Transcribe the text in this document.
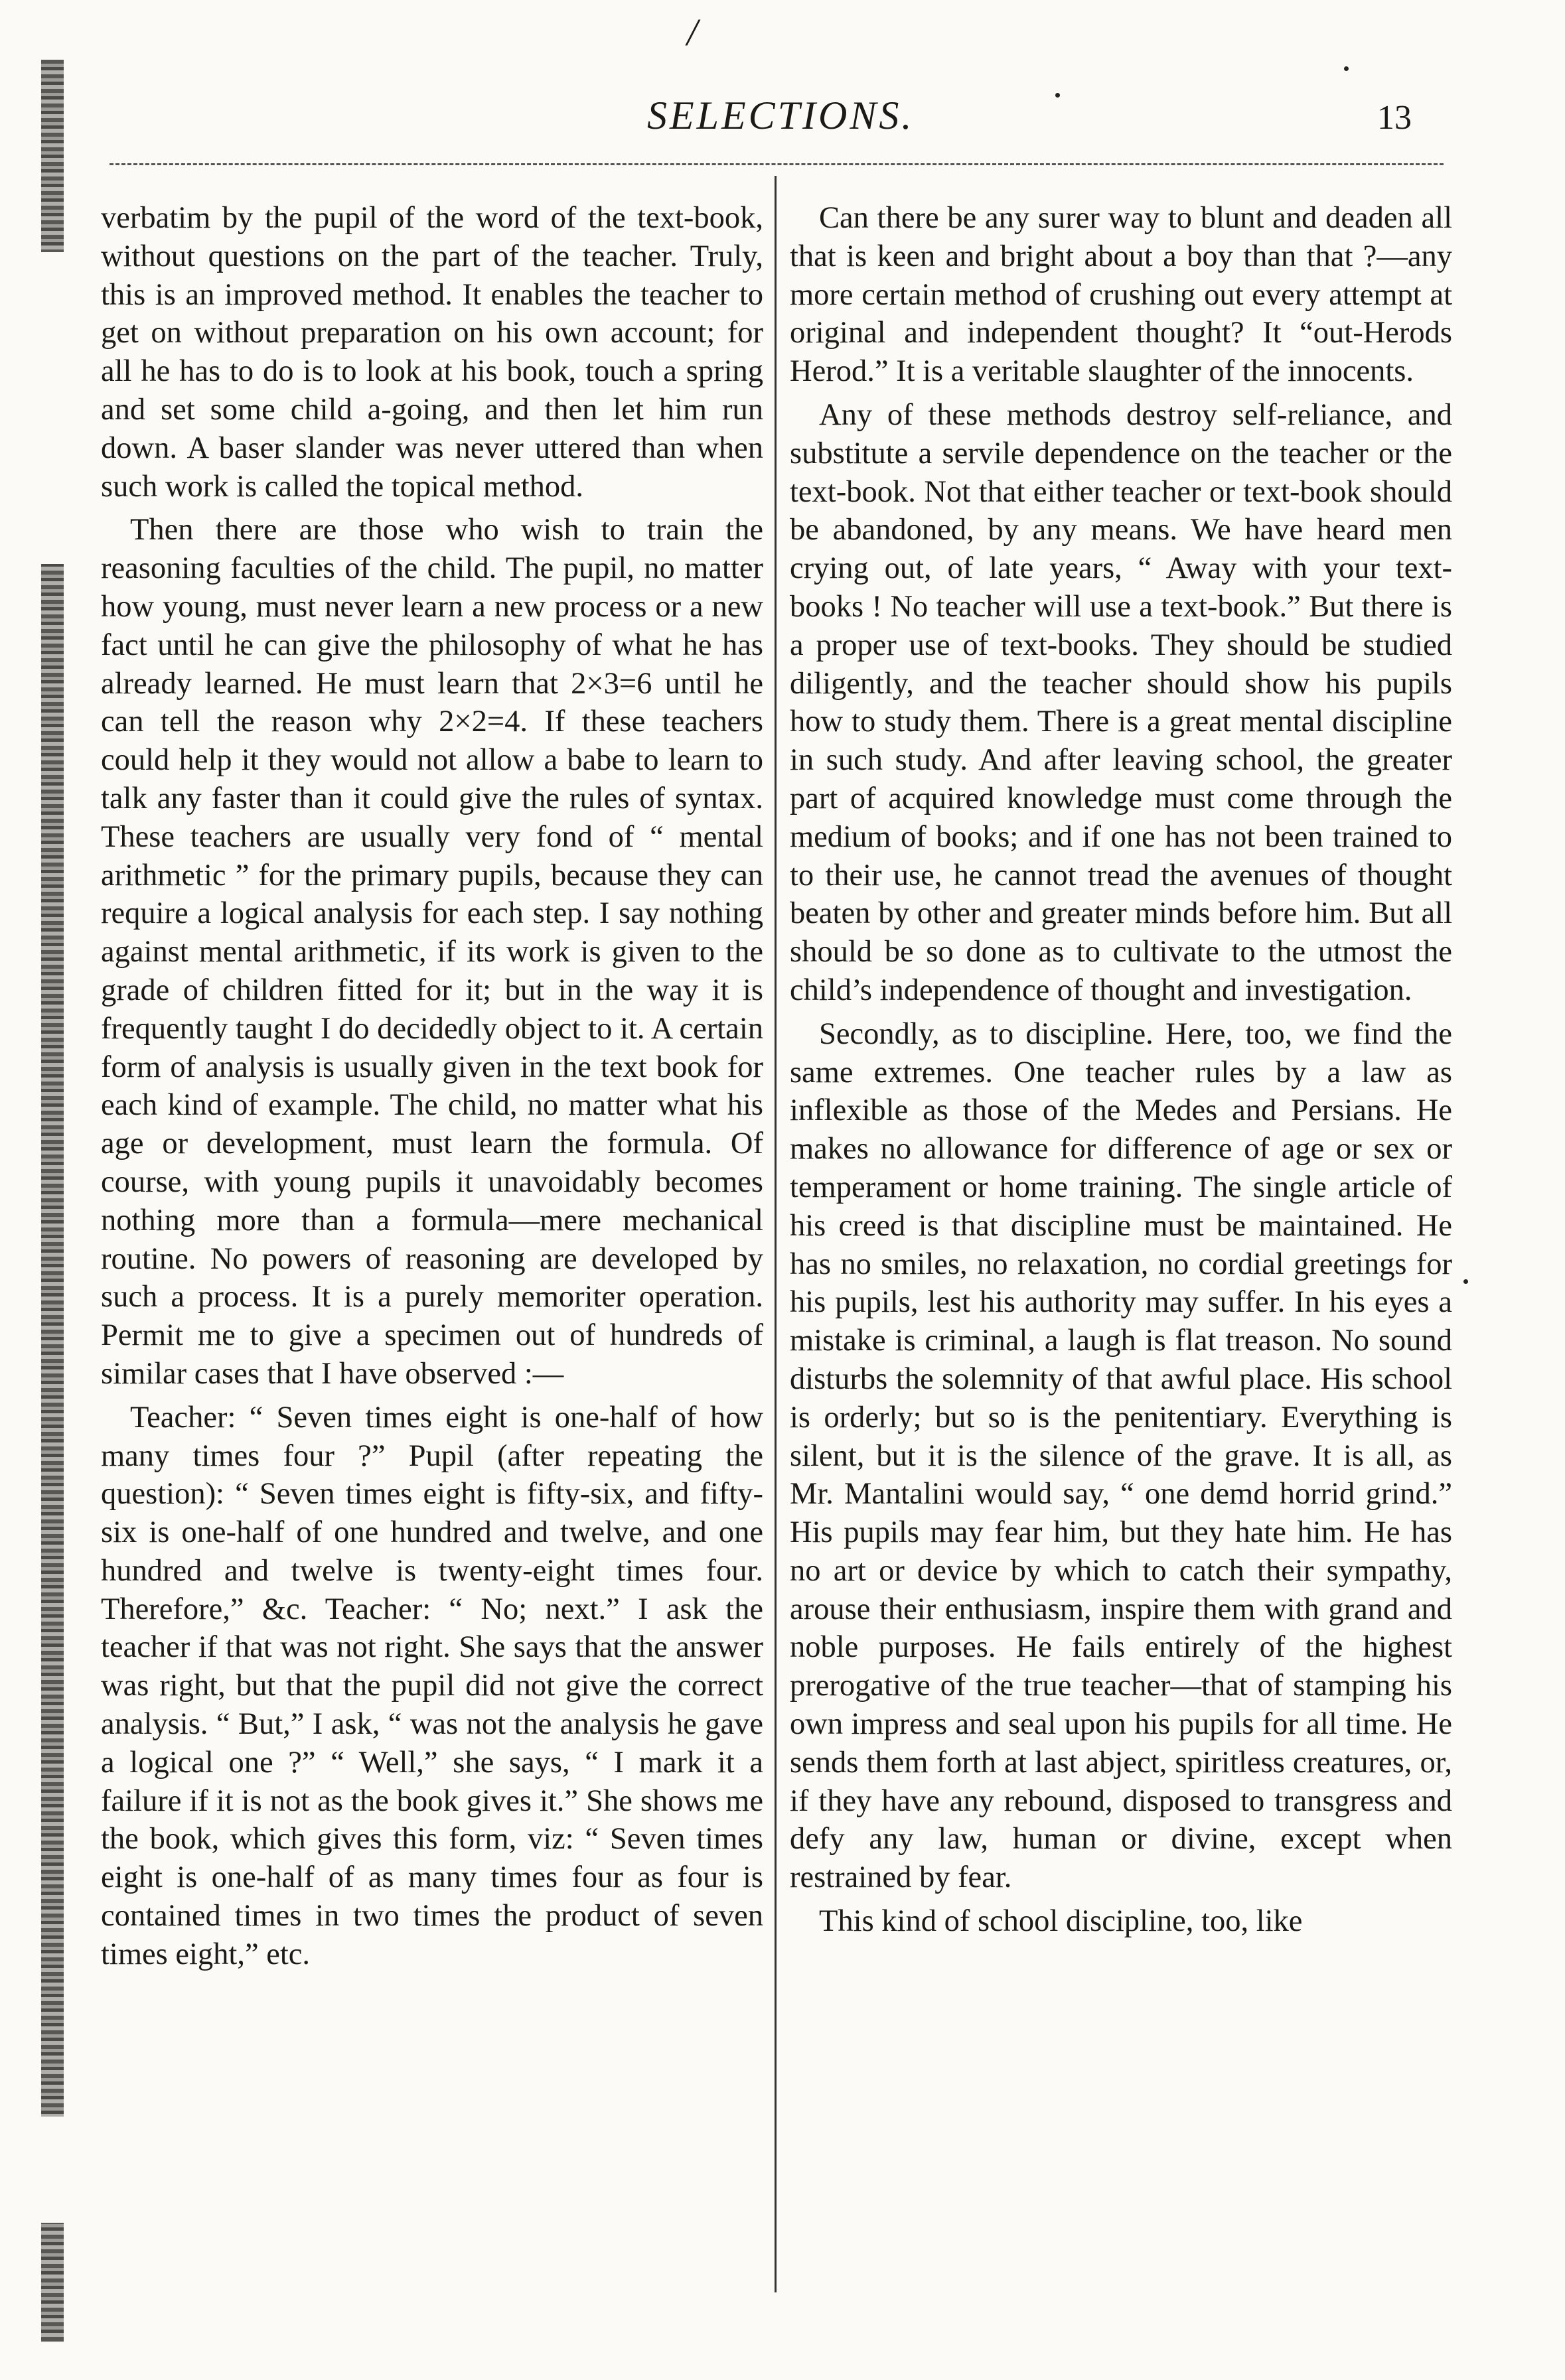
/
SELECTIONS.	13

verbatim by the pupil of the word of the text-book, without questions on the part of the teacher. Truly, this is an improved method. It enables the teacher to get on without preparation on his own account; for all he has to do is to look at his book, touch a spring and set some child a-going, and then let him run down. A baser slander was never uttered than when such work is called the topical method.

Then there are those who wish to train the reasoning faculties of the child. The pupil, no matter how young, must never learn a new process or a new fact until he can give the philosophy of what he has already learned. He must learn that 2×3=6 until he can tell the reason why 2×2=4. If these teachers could help it they would not allow a babe to learn to talk any faster than it could give the rules of syntax. These teachers are usually very fond of “ mental arithmetic ” for the primary pupils, because they can require a logical analysis for each step. I say nothing against mental arithmetic, if its work is given to the grade of children fitted for it; but in the way it is frequently taught I do decidedly object to it. A certain form of analysis is usually given in the text book for each kind of example. The child, no matter what his age or development, must learn the formula. Of course, with young pupils it unavoidably becomes nothing more than a formula—mere mechanical routine. No powers of reasoning are developed by such a process. It is a purely memoriter operation. Permit me to give a specimen out of hundreds of similar cases that I have observed :—

Teacher: “ Seven times eight is one-half of how many times four ?” Pupil (after repeating the question): “ Seven times eight is fifty-six, and fifty-six is one-half of one hundred and twelve, and one hundred and twelve is twenty-eight times four. Therefore,” &c. Teacher: “ No; next.” I ask the teacher if that was not right. She says that the answer was right, but that the pupil did not give the correct analysis. “ But,” I ask, “ was not the analysis he gave a logical one ?” “ Well,” she says, “ I mark it a failure if it is not as the book gives it.” She shows me the book, which gives this form, viz: “ Seven times eight is one-half of as many times four as four is contained times in two times the product of seven times eight,” etc.

Can there be any surer way to blunt and deaden all that is keen and bright about a boy than that ?—any more certain method of crushing out every attempt at original and independent thought? It “out-Herods Herod.” It is a veritable slaughter of the innocents.

Any of these methods destroy self-reliance, and substitute a servile dependence on the teacher or the text-book. Not that either teacher or text-book should be abandoned, by any means. We have heard men crying out, of late years, “ Away with your text-books ! No teacher will use a text-book.” But there is a proper use of text-books. They should be studied diligently, and the teacher should show his pupils how to study them. There is a great mental discipline in such study. And after leaving school, the greater part of acquired knowledge must come through the medium of books; and if one has not been trained to to their use, he cannot tread the avenues of thought beaten by other and greater minds before him. But all should be so done as to cultivate to the utmost the child’s independence of thought and investigation.

Secondly, as to discipline. Here, too, we find the same extremes. One teacher rules by a law as inflexible as those of the Medes and Persians. He makes no allowance for difference of age or sex or temperament or home training. The single article of his creed is that discipline must be maintained. He has no smiles, no relaxation, no cordial greetings for his pupils, lest his authority may suffer. In his eyes a mistake is criminal, a laugh is flat treason. No sound disturbs the solemnity of that awful place. His school is orderly; but so is the penitentiary. Everything is silent, but it is the silence of the grave. It is all, as Mr. Mantalini would say, “ one demd horrid grind.” His pupils may fear him, but they hate him. He has no art or device by which to catch their sympathy, arouse their enthusiasm, inspire them with grand and noble purposes. He fails entirely of the highest prerogative of the true teacher—that of stamping his own impress and seal upon his pupils for all time. He sends them forth at last abject, spiritless creatures, or, if they have any rebound, disposed to transgress and defy any law, human or divine, except when restrained by fear.

This kind of school discipline, too, like
